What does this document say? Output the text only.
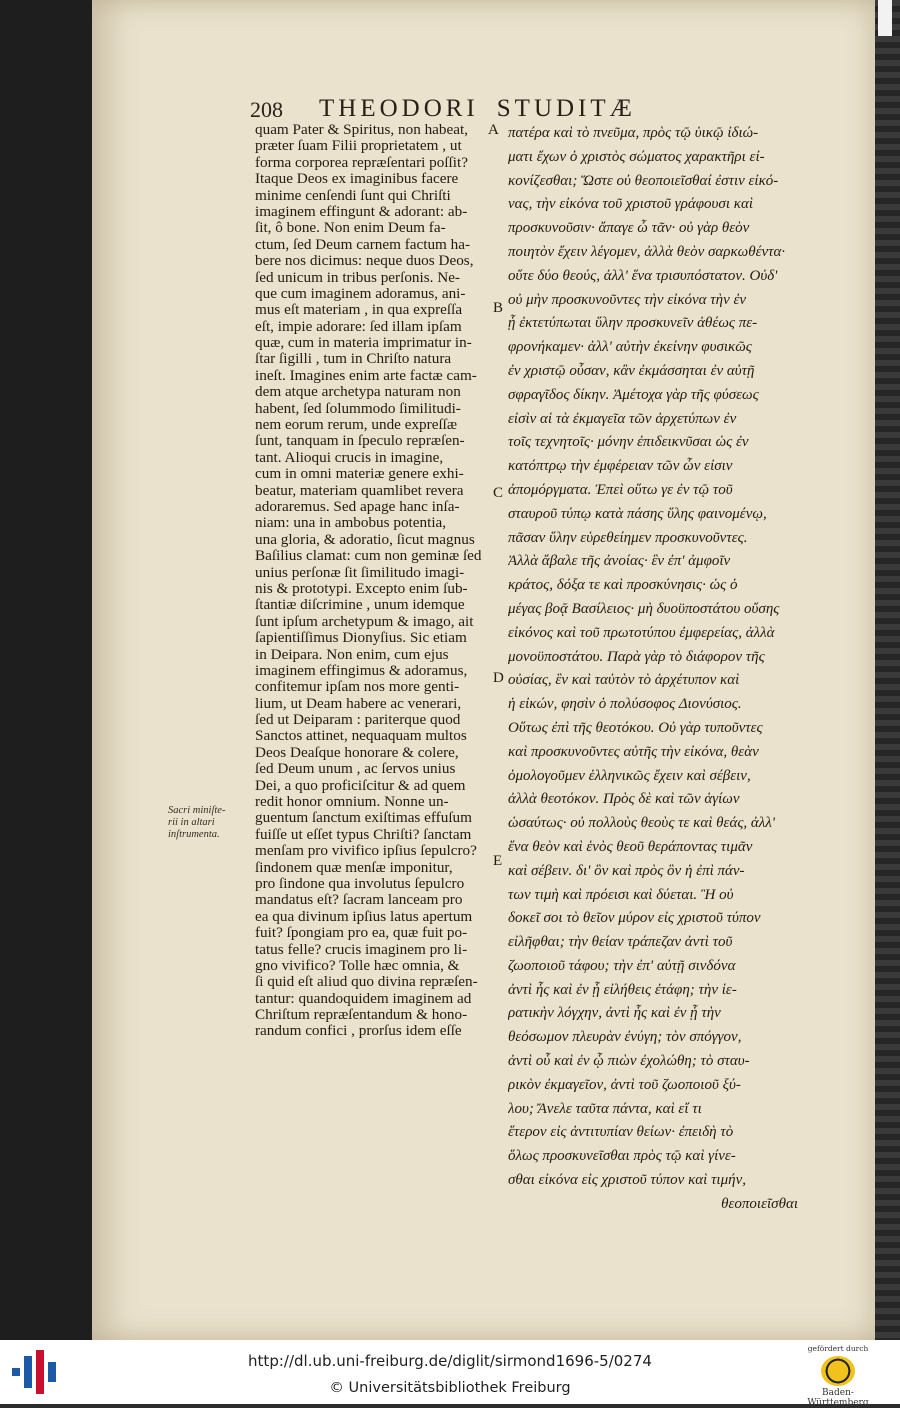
208 THEODORI STUDITÆ
quam Pater & Spiritus, non habeat,
præter ſuam Filii proprietatem , ut
forma corporea repræſentari poſſit?
Itaque Deos ex imaginibus facere
minime cenſendi ſunt qui Chriſti
imaginem effingunt & adorant: ab-
ſit, ô bone. Non enim Deum fa-
ctum, ſed Deum carnem factum ha-
bere nos dicimus: neque duos Deos,
ſed unicum in tribus perſonis. Ne-
que cum imaginem adoramus, ani-
mus eſt materiam , in qua expreſſa
eſt, impie adorare: ſed illam ipſam
quæ, cum in materia imprimatur in-
ſtar ſigilli , tum in Chriſto natura
ineſt. Imagines enim arte factæ cam-
dem atque archetypa naturam non
habent, ſed ſolummodo ſimilitudi-
nem eorum rerum, unde expreſſæ
ſunt, tanquam in ſpeculo repræſen-
tant. Alioqui crucis in imagine,
cum in omni materiæ genere exhi-
beatur, materiam quamlibet revera
adoraremus. Sed apage hanc inſa-
niam: una in ambobus potentia,
una gloria, & adoratio, ſicut magnus
Baſilius clamat: cum non geminæ ſed
unius perſonæ ſit ſimilitudo imagi-
nis & prototypi. Excepto enim ſub-
ſtantiæ diſcrimine , unum idemque
ſunt ipſum archetypum & imago, ait
ſapientiſſimus Dionyſius. Sic etiam
in Deipara. Non enim, cum ejus
imaginem effingimus & adoramus,
confitemur ipſam nos more genti-
lium, ut Deam habere ac venerari,
ſed ut Deiparam : pariterque quod
Sanctos attinet, nequaquam multos
Deos Deaſque honorare & colere,
ſed Deum unum , ac ſervos unius
Dei, a quo proficiſcitur & ad quem
redit honor omnium. Nonne un-
guentum ſanctum exiſtimas effuſum
fuiſſe ut eſſet typus Chriſti? ſanctam
menſam pro vivifico ipſius ſepulcro?
ſindonem quæ menſæ imponitur,
pro ſindone qua involutus ſepulcro
mandatus eſt? ſacram lanceam pro
ea qua divinum ipſius latus apertum
fuit? ſpongiam pro ea, quæ fuit po-
tatus felle? crucis imaginem pro li-
gno vivifico? Tolle hæc omnia, &
ſi quid eſt aliud quo divina repræſen-
tantur: quandoquidem imaginem ad
Chriſtum repræſentandum & hono-
randum confici , prorſus idem eſſe
πατέρα καὶ τὸ πνεῦμα, πρὸς τῷ ὑικῷ ἰδιώ-
ματι ἔχων ὁ χριστὸς σώματος χαρακτῆρι εἰ-
κονίζεσθαι; Ὥστε οὐ θεοποιεῖσθαί ἐστιν εἰκό-
νας, τὴν εἰκόνα τοῦ χριστοῦ γράφουσι καὶ
προσκυνοῦσιν· ἄπαγε ὦ τᾶν· οὐ γὰρ θεὸν
ποιητὸν ἔχειν λέγομεν, ἀλλὰ θεὸν σαρκωθέντα·
οὔτε δύο θεούς, ἀλλ' ἕνα τρισυπόστατον. Οὐδ'
οὐ μὴν προσκυνοῦντες τὴν εἰκόνα τὴν ἐν
ᾗ ἐκτετύπωται ὕλην προσκυνεῖν ἀθέως πε-
φρονήκαμεν· ἀλλ' αὐτὴν ἐκείνην φυσικῶς
ἐν χριστῷ οὖσαν, κἂν ἐκμάσσηται ἐν αὐτῇ
σφραγῖδος δίκην. Ἀμέτοχα γὰρ τῆς φύσεως
εἰσὶν αἱ τὰ ἐκμαγεῖα τῶν ἀρχετύπων ἐν
τοῖς τεχνητοῖς· μόνην ἐπιδεικνῦσαι ὡς ἐν
κατόπτρῳ τὴν ἐμφέρειαν τῶν ὧν εἰσιν
ἀπομόργματα. Ἐπεὶ οὕτω γε ἐν τῷ τοῦ
σταυροῦ τύπῳ κατὰ πάσης ὕλης φαινομένῳ,
πᾶσαν ὕλην εὑρεθείημεν προσκυνοῦντες.
Ἀλλὰ ἄβαλε τῆς ἀνοίας· ἓν ἐπ' ἀμφοῖν
κράτος, δόξα τε καὶ προσκύνησις· ὡς ὁ
μέγας βοᾷ Βασίλειος· μὴ δυοϋποστάτου οὔσης
εἰκόνος καὶ τοῦ πρωτοτύπου ἐμφερείας, ἀλλὰ
μονοϋποστάτου. Παρὰ γὰρ τὸ διάφορον τῆς
οὐσίας, ἓν καὶ ταὐτὸν τὸ ἀρχέτυπον καὶ
ἡ εἰκών, φησὶν ὁ πολύσοφος Διονύσιος.
Οὕτως ἐπὶ τῆς θεοτόκου. Οὐ γὰρ τυποῦντες
καὶ προσκυνοῦντες αὐτῆς τὴν εἰκόνα, θεὰν
ὁμολογοῦμεν ἑλληνικῶς ἔχειν καὶ σέβειν,
ἀλλὰ θεοτόκον. Πρὸς δὲ καὶ τῶν ἁγίων
ὡσαύτως· οὐ πολλοὺς θεοὺς τε καὶ θεάς, ἀλλ'
ἕνα θεὸν καὶ ἑνὸς θεοῦ θεράποντας τιμᾶν
καὶ σέβειν. δι' ὃν καὶ πρὸς ὃν ἡ ἐπὶ πάν-
των τιμὴ καὶ πρόεισι καὶ δύεται. Ἢ οὐ
δοκεῖ σοι τὸ θεῖον μύρον εἰς χριστοῦ τύπον
εἰλῆφθαι; τὴν θείαν τράπεζαν ἀντὶ τοῦ
ζωοποιοῦ τάφου; τὴν ἐπ' αὐτῇ σινδόνα
ἀντὶ ἧς καὶ ἐν ᾗ εἰλήθεις ἐτάφη; τὴν ἱε-
ρατικὴν λόγχην, ἀντὶ ἧς καὶ ἐν ᾗ τὴν
θεόσωμον πλευρὰν ἐνύγη; τὸν σπόγγον,
ἀντὶ οὗ καὶ ἐν ᾧ πιὼν ἐχολώθη; τὸ σταυ-
ρικὸν ἐκμαγεῖον, ἀντὶ τοῦ ζωοποιοῦ ξύ-
λου; Ἄνελε ταῦτα πάντα, καὶ εἴ τι
ἕτερον εἰς ἀντιτυπίαν θείων· ἐπειδὴ τὸ
ὅλως προσκυνεῖσθαι πρὸς τῷ καὶ γίνε-
σθαι εἰκόνα εἰς χριστοῦ τύπον καὶ τιμήν,
θεοποιεῖσθαι
A
B
C
D
E
Sacri miniſte-
rii in altari
inſtrumenta.
http://dl.ub.uni-freiburg.de/diglit/sirmond1696-5/0274
© Universitätsbibliothek Freiburg
gefördert durch
Baden-Württemberg
